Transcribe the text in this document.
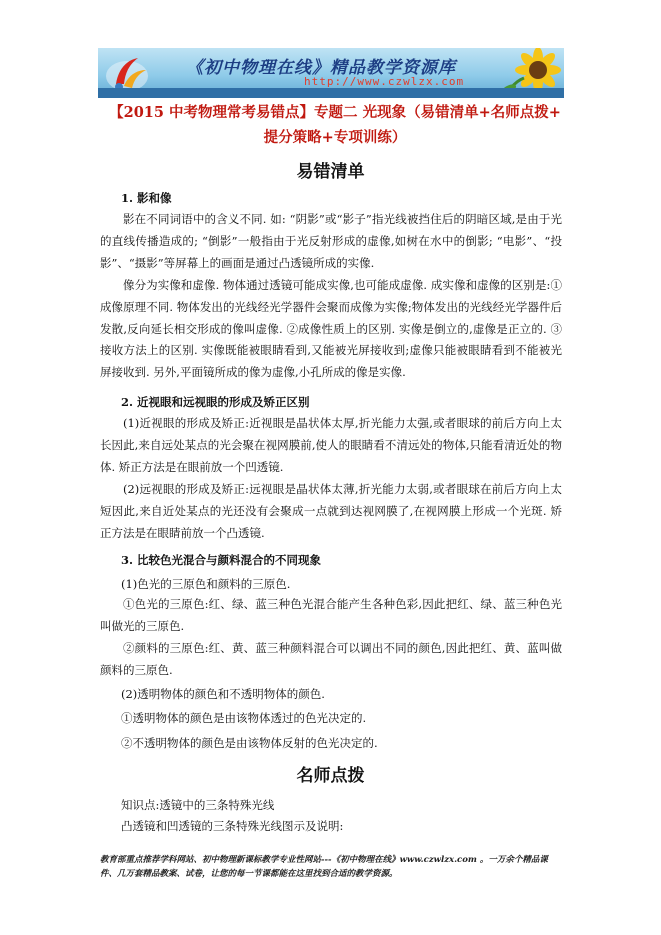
《初中物理在线》精品教学资源库
http://www.czwlzx.com
【2015 中考物理常考易错点】专题二 光现象（易错清单+名师点拨+
提分策略+专项训练）
易错清单
1. 影和像

影在不同词语中的含义不同. 如: “阴影”或“影子”指光线被挡住后的阴暗区域,是由于光的直线传播造成的; “倒影”一般指由于光反射形成的虚像,如树在水中的倒影; “电影”、“投影”、“摄影”等屏幕上的画面是通过凸透镜所成的实像.

像分为实像和虚像. 物体通过透镜可能成实像,也可能成虚像. 成实像和虚像的区别是:①成像原理不同. 物体发出的光线经光学器件会聚而成像为实像;物体发出的光线经光学器件后发散,反向延长相交形成的像叫虚像. ②成像性质上的区别. 实像是倒立的,虚像是正立的. ③接收方法上的区别. 实像既能被眼睛看到,又能被光屏接收到;虚像只能被眼睛看到不能被光屏接收到. 另外,平面镜所成的像为虚像,小孔所成的像是实像.

2. 近视眼和远视眼的形成及矫正区别

(1)近视眼的形成及矫正:近视眼是晶状体太厚,折光能力太强,或者眼球的前后方向上太长因此,来自远处某点的光会聚在视网膜前,使人的眼睛看不清远处的物体,只能看清近处的物体. 矫正方法是在眼前放一个凹透镜.

(2)远视眼的形成及矫正:远视眼是晶状体太薄,折光能力太弱,或者眼球在前后方向上太短因此,来自近处某点的光还没有会聚成一点就到达视网膜了,在视网膜上形成一个光斑. 矫正方法是在眼睛前放一个凸透镜.

3. 比较色光混合与颜料混合的不同现象
(1)色光的三原色和颜料的三原色.

①色光的三原色:红、绿、蓝三种色光混合能产生各种色彩,因此把红、绿、蓝三种色光叫做光的三原色.

②颜料的三原色:红、黄、蓝三种颜料混合可以调出不同的颜色,因此把红、黄、蓝叫做颜料的三原色.

(2)透明物体的颜色和不透明物体的颜色.
①透明物体的颜色是由该物体透过的色光决定的.
②不透明物体的颜色是由该物体反射的色光决定的.
名师点拨
知识点:透镜中的三条特殊光线
凸透镜和凹透镜的三条特殊光线图示及说明:
教育部重点推荐学科网站、初中物理新课标教学专业性网站---《初中物理在线》www.czwlzx.com 。一万余个精品课件、几万套精品教案、试卷，让您的每一节课都能在这里找到合适的教学资源。
